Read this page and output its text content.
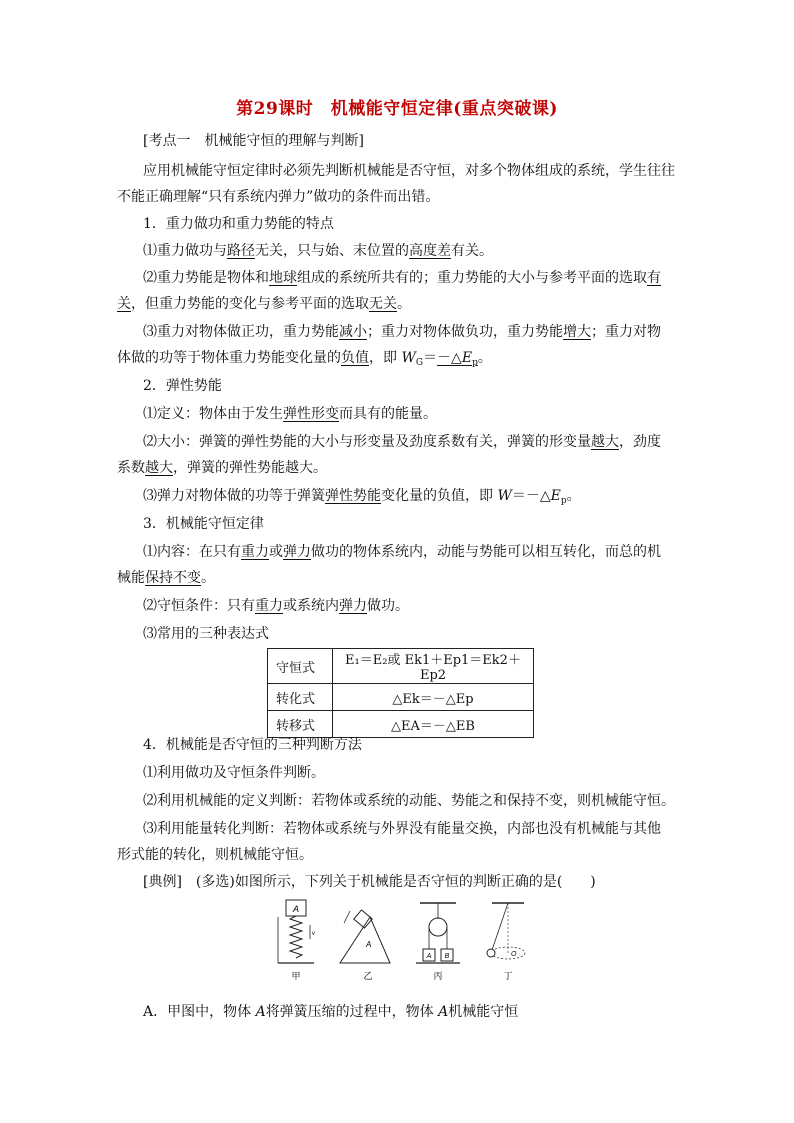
第29课时　机械能守恒定律(重点突破课)
[考点一　机械能守恒的理解与判断]
应用机械能守恒定律时必须先判断机械能是否守恒，对多个物体组成的系统，学生往往
不能正确理解“只有系统内弹力”做功的条件而出错。
1．重力做功和重力势能的特点
⑴重力做功与路径无关，只与始、末位置的高度差有关。
⑵重力势能是物体和地球组成的系统所共有的；重力势能的大小与参考平面的选取有
关，但重力势能的变化与参考平面的选取无关。
⑶重力对物体做正功，重力势能减小；重力对物体做负功，重力势能增大；重力对物
体做的功等于物体重力势能变化量的负值，即 $W_G=-\triangle E_p$。
2．弹性势能
⑴定义：物体由于发生弹性形变而具有的能量。
⑵大小：弹簧的弹性势能的大小与形变量及劲度系数有关，弹簧的形变量越大，劲度
系数越大，弹簧的弹性势能越大。
⑶弹力对物体做的功等于弹簧弹性势能变化量的负值，即 $W=-\triangle E_p$。
3．机械能守恒定律
⑴内容：在只有重力或弹力做功的物体系统内，动能与势能可以相互转化，而总的机
械能保持不变。
⑵守恒条件：只有重力或系统内弹力做功。
⑶常用的三种表达式
守恒式	E₁＝E₂或 Ek1＋Ep1＝Ek2＋Ep2
转化式	△Ek＝－△Ep
转移式	△EA＝－△EB
4．机械能是否守恒的三种判断方法
⑴利用做功及守恒条件判断。
⑵利用机械能的定义判断：若物体或系统的动能、势能之和保持不变，则机械能守恒。
⑶利用能量转化判断：若物体或系统与外界没有能量交换，内部也没有机械能与其他
形式能的转化，则机械能守恒。
[典例]　(多选)如图所示，下列关于机械能是否守恒的判断正确的是(　　)
A
v
甲
A
乙
A B
丙
O
丁
A．甲图中，物体 A将弹簧压缩的过程中，物体 A机械能守恒
